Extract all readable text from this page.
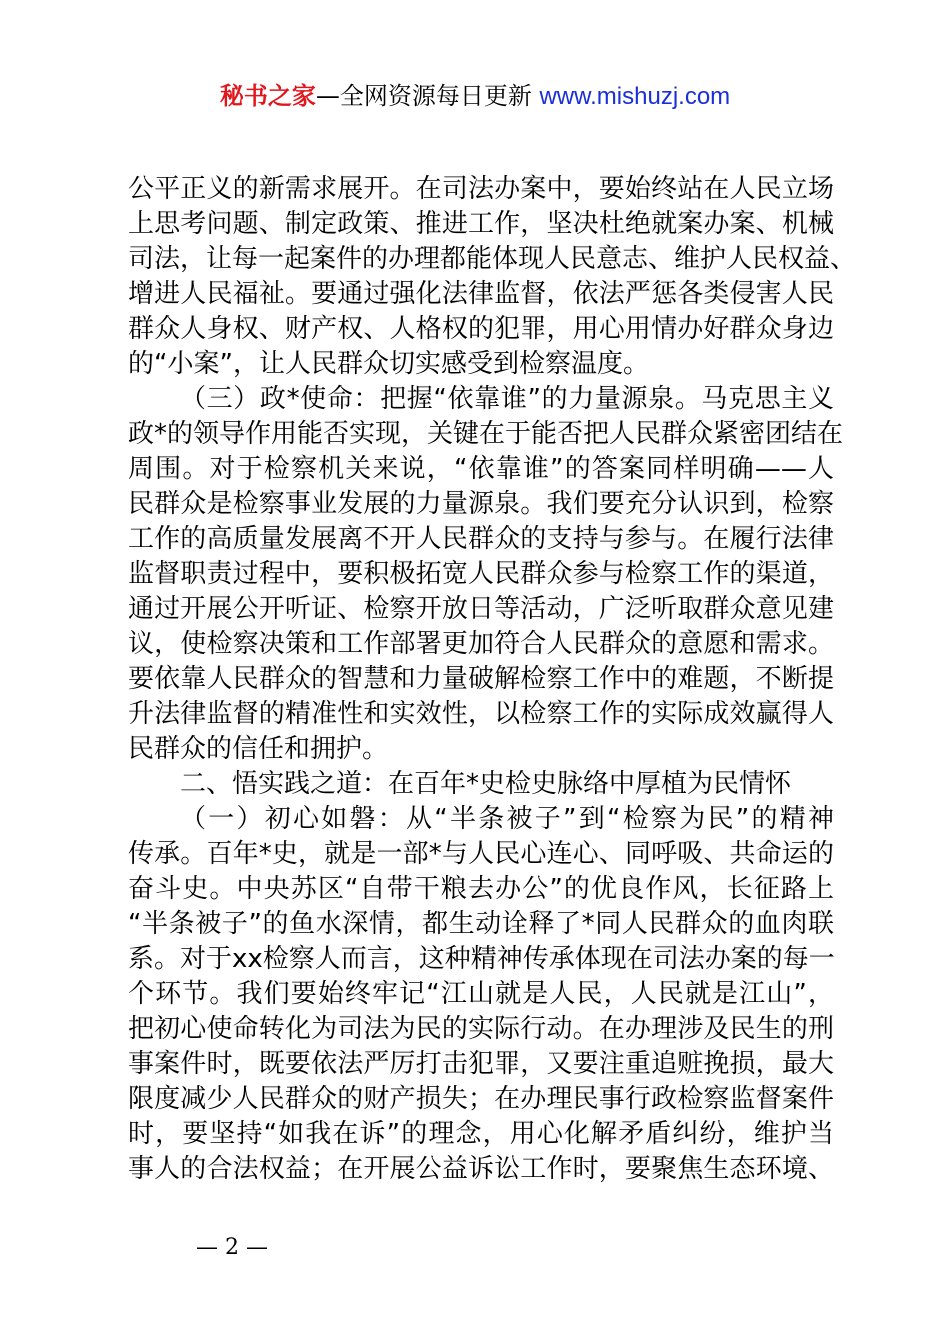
秘书之家—全网资源每日更新 www.mishuzj.com
公平正义的新需求展开。在司法办案中，要始终站在人民立场
上思考问题、制定政策、推进工作，坚决杜绝就案办案、机械
司法，让每一起案件的办理都能体现人民意志、维护人民权益、
增进人民福祉。要通过强化法律监督，依法严惩各类侵害人民
群众人身权、财产权、人格权的犯罪，用心用情办好群众身边
的“小案”，让人民群众切实感受到检察温度。
（三）政*使命：把握“依靠谁”的力量源泉。马克思主义
政*的领导作用能否实现，关键在于能否把人民群众紧密团结在
周围。对于检察机关来说，“依靠谁”的答案同样明确——人
民群众是检察事业发展的力量源泉。我们要充分认识到，检察
工作的高质量发展离不开人民群众的支持与参与。在履行法律
监督职责过程中，要积极拓宽人民群众参与检察工作的渠道，
通过开展公开听证、检察开放日等活动，广泛听取群众意见建
议，使检察决策和工作部署更加符合人民群众的意愿和需求。
要依靠人民群众的智慧和力量破解检察工作中的难题，不断提
升法律监督的精准性和实效性，以检察工作的实际成效赢得人
民群众的信任和拥护。
二、悟实践之道：在百年*史检史脉络中厚植为民情怀
（一）初心如磐：从“半条被子”到“检察为民”的精神
传承。百年*史，就是一部*与人民心连心、同呼吸、共命运的
奋斗史。中央苏区“自带干粮去办公”的优良作风，长征路上
“半条被子”的鱼水深情，都生动诠释了*同人民群众的血肉联
系。对于xx检察人而言，这种精神传承体现在司法办案的每一
个环节。我们要始终牢记“江山就是人民，人民就是江山”，
把初心使命转化为司法为民的实际行动。在办理涉及民生的刑
事案件时，既要依法严厉打击犯罪，又要注重追赃挽损，最大
限度减少人民群众的财产损失；在办理民事行政检察监督案件
时，要坚持“如我在诉”的理念，用心化解矛盾纠纷，维护当
事人的合法权益；在开展公益诉讼工作时，要聚焦生态环境、
— 2 —
